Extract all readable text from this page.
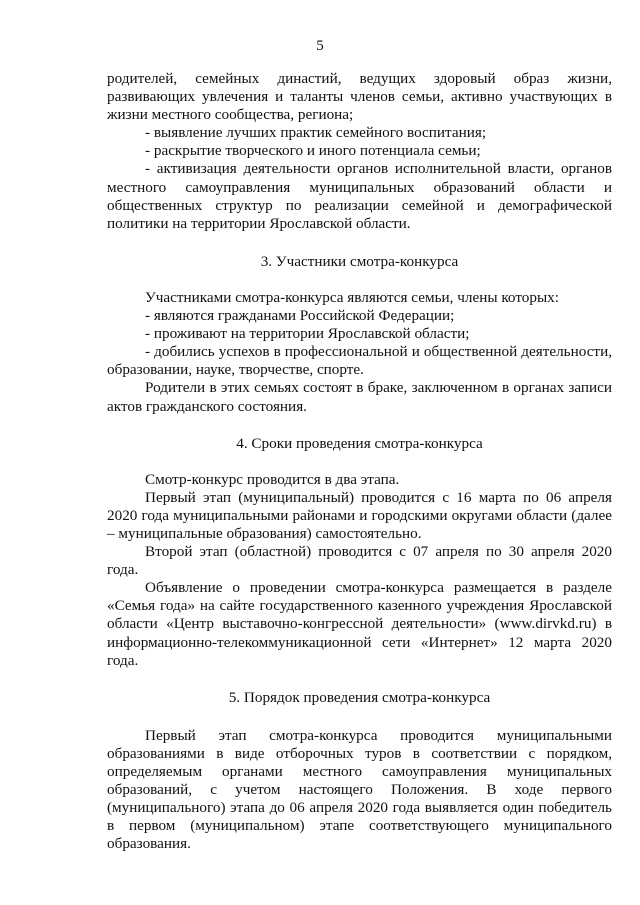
5

родителей, семейных династий, ведущих здоровый образ жизни, развивающих увлечения и таланты членов семьи, активно участвующих в жизни местного сообщества, региона;

- выявление лучших практик семейного воспитания;

- раскрытие творческого и иного потенциала семьи;

- активизация деятельности органов исполнительной власти, органов местного самоуправления муниципальных образований области и общественных структур по реализации семейной и демографической политики на территории Ярославской области.

3. Участники смотра-конкурса

Участниками смотра-конкурса являются семьи, члены которых:

- являются гражданами Российской Федерации;

- проживают на территории Ярославской области;

- добились успехов в профессиональной и общественной деятельности, образовании, науке, творчестве, спорте.

Родители в этих семьях состоят в браке, заключенном в органах записи актов гражданского состояния.

4. Сроки проведения смотра-конкурса

Смотр-конкурс проводится в два этапа.

Первый этап (муниципальный) проводится с 16 марта по 06 апреля 2020 года муниципальными районами и городскими округами области (далее – муниципальные образования) самостоятельно.

Второй этап (областной) проводится с 07 апреля по 30 апреля 2020 года.

Объявление о проведении смотра-конкурса размещается в разделе «Семья года» на сайте государственного казенного учреждения Ярославской области «Центр выставочно-конгрессной деятельности» (www.dirvkd.ru) в информационно-телекоммуникационной сети «Интернет» 12 марта 2020 года.

5. Порядок проведения смотра-конкурса

Первый этап смотра-конкурса проводится муниципальными образованиями в виде отборочных туров в соответствии с порядком, определяемым органами местного самоуправления муниципальных образований, с учетом настоящего Положения. В ходе первого (муниципального) этапа до 06 апреля 2020 года выявляется один победитель в первом (муниципальном) этапе соответствующего муниципального образования.
